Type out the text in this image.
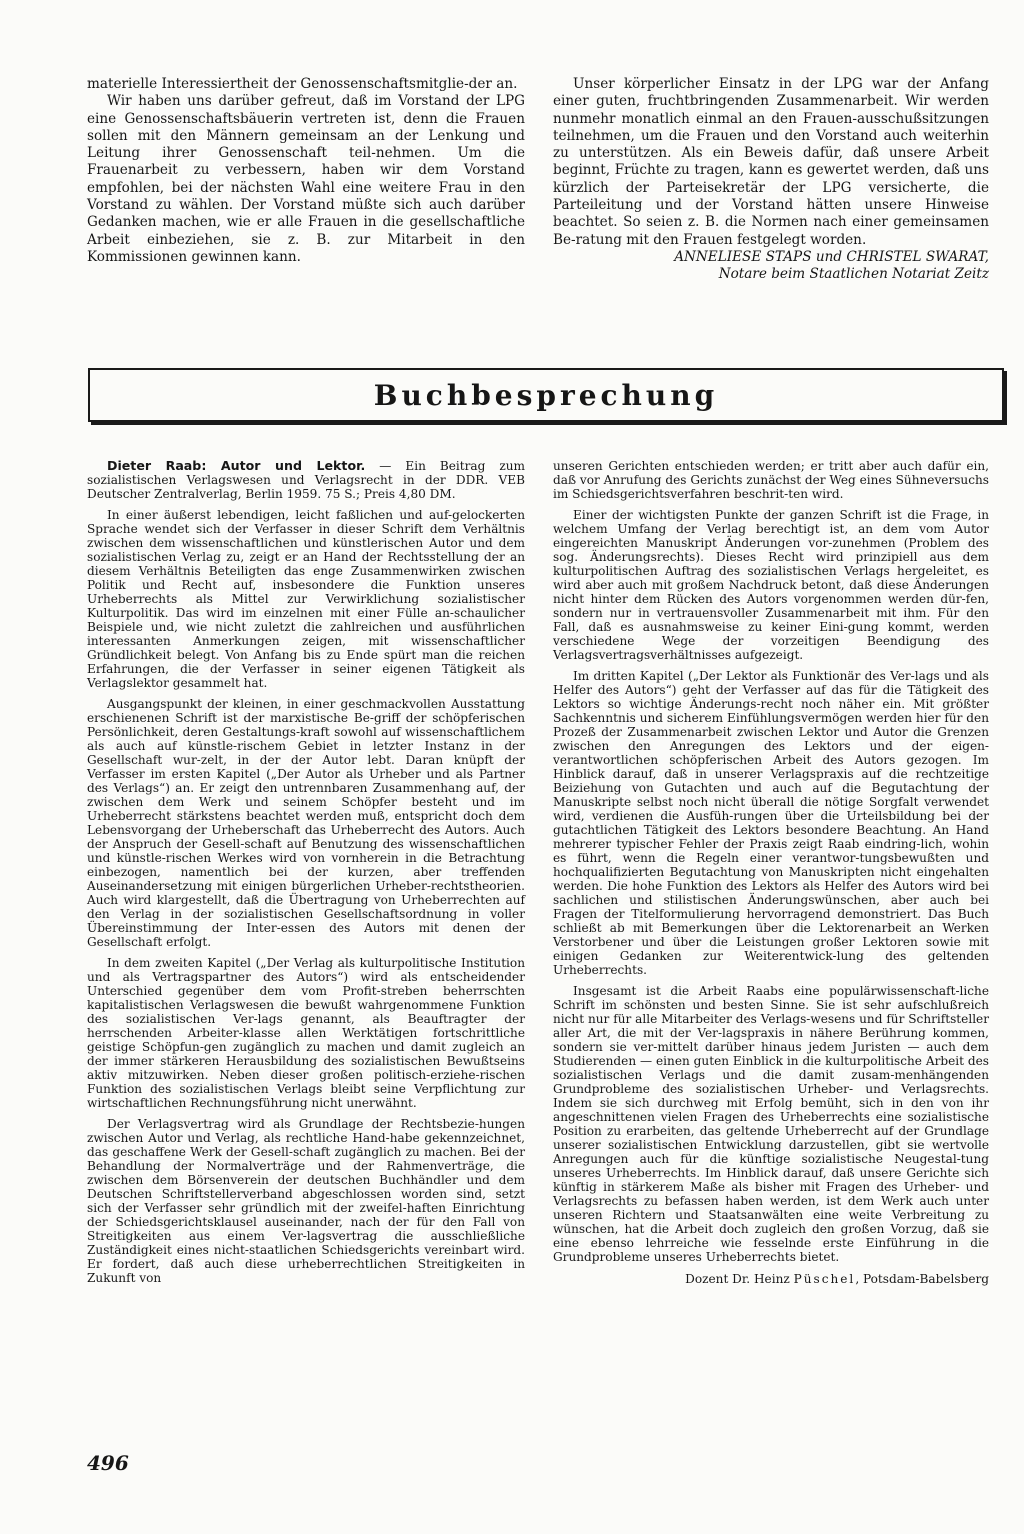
materielle Interessiertheit der Genossenschaftsmitglie-der an.

Wir haben uns darüber gefreut, daß im Vorstand der LPG eine Genossenschaftsbäuerin vertreten ist, denn die Frauen sollen mit den Männern gemeinsam an der Lenkung und Leitung ihrer Genossenschaft teil-nehmen. Um die Frauenarbeit zu verbessern, haben wir dem Vorstand empfohlen, bei der nächsten Wahl eine weitere Frau in den Vorstand zu wählen. Der Vorstand müßte sich auch darüber Gedanken machen, wie er alle Frauen in die gesellschaftliche Arbeit einbeziehen, sie z. B. zur Mitarbeit in den Kommissionen gewinnen kann.

Unser körperlicher Einsatz in der LPG war der Anfang einer guten, fruchtbringenden Zusammenarbeit. Wir werden nunmehr monatlich einmal an den Frauen-ausschußsitzungen teilnehmen, um die Frauen und den Vorstand auch weiterhin zu unterstützen. Als ein Beweis dafür, daß unsere Arbeit beginnt, Früchte zu tragen, kann es gewertet werden, daß uns kürzlich der Parteisekretär der LPG versicherte, die Parteileitung und der Vorstand hätten unsere Hinweise beachtet. So seien z. B. die Normen nach einer gemeinsamen Be-ratung mit den Frauen festgelegt worden.

ANNELIESE STAPS und CHRISTEL SWARAT,

Notare beim Staatlichen Notariat Zeitz

Buchbesprechung

Dieter Raab: Autor und Lektor. — Ein Beitrag zum sozialistischen Verlagswesen und Verlagsrecht in der DDR. VEB Deutscher Zentralverlag, Berlin 1959. 75 S.; Preis 4,80 DM.

In einer äußerst lebendigen, leicht faßlichen und auf-gelockerten Sprache wendet sich der Verfasser in dieser Schrift dem Verhältnis zwischen dem wissenschaftlichen und künstlerischen Autor und dem sozialistischen Verlag zu, zeigt er an Hand der Rechtsstellung der an diesem Verhältnis Beteiligten das enge Zusammenwirken zwischen Politik und Recht auf, insbesondere die Funktion unseres Urheberrechts als Mittel zur Verwirklichung sozialistischer Kulturpolitik. Das wird im einzelnen mit einer Fülle an-schaulicher Beispiele und, wie nicht zuletzt die zahlreichen und ausführlichen interessanten Anmerkungen zeigen, mit wissenschaftlicher Gründlichkeit belegt. Von Anfang bis zu Ende spürt man die reichen Erfahrungen, die der Verfasser in seiner eigenen Tätigkeit als Verlagslektor gesammelt hat.

Ausgangspunkt der kleinen, in einer geschmackvollen Ausstattung erschienenen Schrift ist der marxistische Be-griff der schöpferischen Persönlichkeit, deren Gestaltungs-kraft sowohl auf wissenschaftlichem als auch auf künstle-rischem Gebiet in letzter Instanz in der Gesellschaft wur-zelt, in der der Autor lebt. Daran knüpft der Verfasser im ersten Kapitel („Der Autor als Urheber und als Partner des Verlags“) an. Er zeigt den untrennbaren Zusammenhang auf, der zwischen dem Werk und seinem Schöpfer besteht und im Urheberrecht stärkstens beachtet werden muß, entspricht doch dem Lebensvorgang der Urheberschaft das Urheberrecht des Autors. Auch der Anspruch der Gesell-schaft auf Benutzung des wissenschaftlichen und künstle-rischen Werkes wird von vornherein in die Betrachtung einbezogen, namentlich bei der kurzen, aber treffenden Auseinandersetzung mit einigen bürgerlichen Urheber-rechtstheorien. Auch wird klargestellt, daß die Übertragung von Urheberrechten auf den Verlag in der sozialistischen Gesellschaftsordnung in voller Übereinstimmung der Inter-essen des Autors mit denen der Gesellschaft erfolgt.

In dem zweiten Kapitel („Der Verlag als kulturpolitische Institution und als Vertragspartner des Autors“) wird als entscheidender Unterschied gegenüber dem vom Profit-streben beherrschten kapitalistischen Verlagswesen die bewußt wahrgenommene Funktion des sozialistischen Ver-lags genannt, als Beauftragter der herrschenden Arbeiter-klasse allen Werktätigen fortschrittliche geistige Schöpfun-gen zugänglich zu machen und damit zugleich an der immer stärkeren Herausbildung des sozialistischen Bewußtseins aktiv mitzuwirken. Neben dieser großen politisch-erziehe-rischen Funktion des sozialistischen Verlags bleibt seine Verpflichtung zur wirtschaftlichen Rechnungsführung nicht unerwähnt.

Der Verlagsvertrag wird als Grundlage der Rechtsbezie-hungen zwischen Autor und Verlag, als rechtliche Hand-habe gekennzeichnet, das geschaffene Werk der Gesell-schaft zugänglich zu machen. Bei der Behandlung der Normalverträge und der Rahmenverträge, die zwischen dem Börsenverein der deutschen Buchhändler und dem Deutschen Schriftstellerverband abgeschlossen worden sind, setzt sich der Verfasser sehr gründlich mit der zweifel-haften Einrichtung der Schiedsgerichtsklausel auseinander, nach der für den Fall von Streitigkeiten aus einem Ver-lagsvertrag die ausschließliche Zuständigkeit eines nicht-staatlichen Schiedsgerichts vereinbart wird. Er fordert, daß auch diese urheberrechtlichen Streitigkeiten in Zukunft von

unseren Gerichten entschieden werden; er tritt aber auch dafür ein, daß vor Anrufung des Gerichts zunächst der Weg eines Sühneversuchs im Schiedsgerichtsverfahren beschrit-ten wird.

Einer der wichtigsten Punkte der ganzen Schrift ist die Frage, in welchem Umfang der Verlag berechtigt ist, an dem vom Autor eingereichten Manuskript Änderungen vor-zunehmen (Problem des sog. Änderungsrechts). Dieses Recht wird prinzipiell aus dem kulturpolitischen Auftrag des sozialistischen Verlags hergeleitet, es wird aber auch mit großem Nachdruck betont, daß diese Änderungen nicht hinter dem Rücken des Autors vorgenommen werden dür-fen, sondern nur in vertrauensvoller Zusammenarbeit mit ihm. Für den Fall, daß es ausnahmsweise zu keiner Eini-gung kommt, werden verschiedene Wege der vorzeitigen Beendigung des Verlagsvertragsverhältnisses aufgezeigt.

Im dritten Kapitel („Der Lektor als Funktionär des Ver-lags und als Helfer des Autors“) geht der Verfasser auf das für die Tätigkeit des Lektors so wichtige Änderungs-recht noch näher ein. Mit größter Sachkenntnis und sicherem Einfühlungsvermögen werden hier für den Prozeß der Zusammenarbeit zwischen Lektor und Autor die Grenzen zwischen den Anregungen des Lektors und der eigen-verantwortlichen schöpferischen Arbeit des Autors gezogen. Im Hinblick darauf, daß in unserer Verlagspraxis auf die rechtzeitige Beiziehung von Gutachten und auch auf die Begutachtung der Manuskripte selbst noch nicht überall die nötige Sorgfalt verwendet wird, verdienen die Ausfüh-rungen über die Urteilsbildung bei der gutachtlichen Tätigkeit des Lektors besondere Beachtung. An Hand mehrerer typischer Fehler der Praxis zeigt Raab eindring-lich, wohin es führt, wenn die Regeln einer verantwor-tungsbewußten und hochqualifizierten Begutachtung von Manuskripten nicht eingehalten werden. Die hohe Funktion des Lektors als Helfer des Autors wird bei sachlichen und stilistischen Änderungswünschen, aber auch bei Fragen der Titelformulierung hervorragend demonstriert. Das Buch schließt ab mit Bemerkungen über die Lektorenarbeit an Werken Verstorbener und über die Leistungen großer Lektoren sowie mit einigen Gedanken zur Weiterentwick-lung des geltenden Urheberrechts.

Insgesamt ist die Arbeit Raabs eine populärwissenschaft-liche Schrift im schönsten und besten Sinne. Sie ist sehr aufschlußreich nicht nur für alle Mitarbeiter des Verlags-wesens und für Schriftsteller aller Art, die mit der Ver-lagspraxis in nähere Berührung kommen, sondern sie ver-mittelt darüber hinaus jedem Juristen — auch dem Studierenden — einen guten Einblick in die kulturpolitische Arbeit des sozialistischen Verlags und die damit zusam-menhängenden Grundprobleme des sozialistischen Urheber- und Verlagsrechts. Indem sie sich durchweg mit Erfolg bemüht, sich in den von ihr angeschnittenen vielen Fragen des Urheberrechts eine sozialistische Position zu erarbeiten, das geltende Urheberrecht auf der Grundlage unserer sozialistischen Entwicklung darzustellen, gibt sie wertvolle Anregungen auch für die künftige sozialistische Neugestal-tung unseres Urheberrechts. Im Hinblick darauf, daß unsere Gerichte sich künftig in stärkerem Maße als bisher mit Fragen des Urheber- und Verlagsrechts zu befassen haben werden, ist dem Werk auch unter unseren Richtern und Staatsanwälten eine weite Verbreitung zu wünschen, hat die Arbeit doch zugleich den großen Vorzug, daß sie eine ebenso lehrreiche wie fesselnde erste Einführung in die Grundprobleme unseres Urheberrechts bietet.

Dozent Dr. Heinz Püschel, Potsdam-Babelsberg

496
